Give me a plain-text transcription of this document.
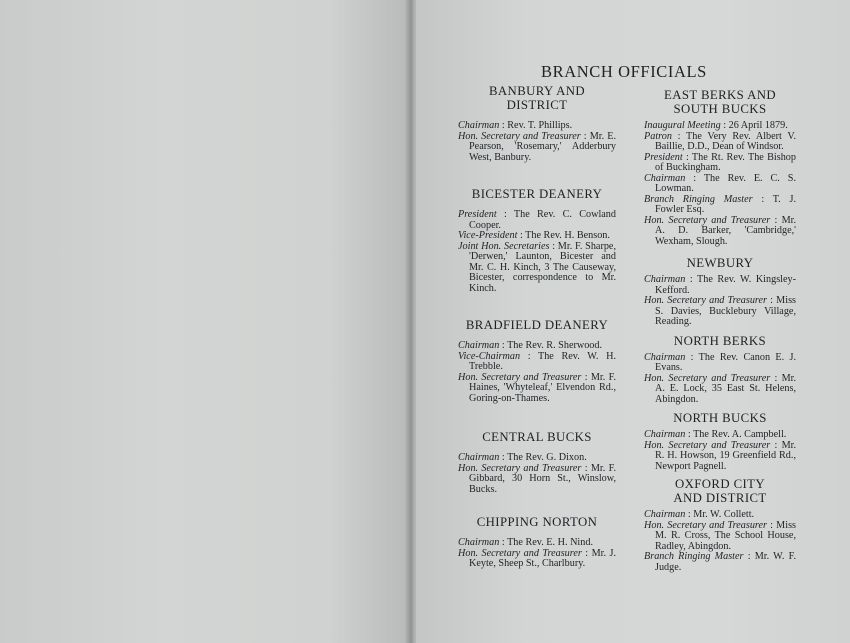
BRANCH OFFICIALS
BANBURY AND
DISTRICT

Chairman : Rev. T. Phillips.

Hon. Secretary and Treasurer : Mr. E. Pearson, 'Rosemary,' Adderbury West, Banbury.

BICESTER DEANERY

President : The Rev. C. Cowland Cooper.

Vice-President : The Rev. H. Benson.

Joint Hon. Secretaries : Mr. F. Sharpe, 'Derwen,' Launton, Bicester and Mr. C. H. Kinch, 3 The Causeway, Bicester, correspondence to Mr. Kinch.

BRADFIELD DEANERY

Chairman : The Rev. R. Sherwood.

Vice-Chairman : The Rev. W. H. Trebble.

Hon. Secretary and Treasurer : Mr. F. Haines, 'Whyteleaf,' Elvendon Rd., Goring-on-Thames.

CENTRAL BUCKS

Chairman : The Rev. G. Dixon.

Hon. Secretary and Treasurer : Mr. F. Gibbard, 30 Horn St., Winslow, Bucks.

CHIPPING NORTON

Chairman : The Rev. E. H. Nind.

Hon. Secretary and Treasurer : Mr. J. Keyte, Sheep St., Charlbury.

EAST BERKS AND
SOUTH BUCKS

Inaugural Meeting : 26 April 1879.

Patron : The Very Rev. Albert V. Baillie, D.D., Dean of Windsor.

President : The Rt. Rev. The Bishop of Buckingham.

Chairman : The Rev. E. C. S. Lowman.

Branch Ringing Master : T. J. Fowler Esq.

Hon. Secretary and Treasurer : Mr. A. D. Barker, 'Cambridge,' Wexham, Slough.

NEWBURY

Chairman : The Rev. W. Kingsley-Kefford.

Hon. Secretary and Treasurer : Miss S. Davies, Bucklebury Village, Reading.

NORTH BERKS

Chairman : The Rev. Canon E. J. Evans.

Hon. Secretary and Treasurer : Mr. A. E. Lock, 35 East St. Helens, Abingdon.

NORTH BUCKS

Chairman : The Rev. A. Campbell.

Hon. Secretary and Treasurer : Mr. R. H. Howson, 19 Greenfield Rd., Newport Pagnell.

OXFORD CITY
AND DISTRICT

Chairman : Mr. W. Collett.

Hon. Secretary and Treasurer : Miss M. R. Cross, The School House, Radley, Abingdon.

Branch Ringing Master : Mr. W. F. Judge.
